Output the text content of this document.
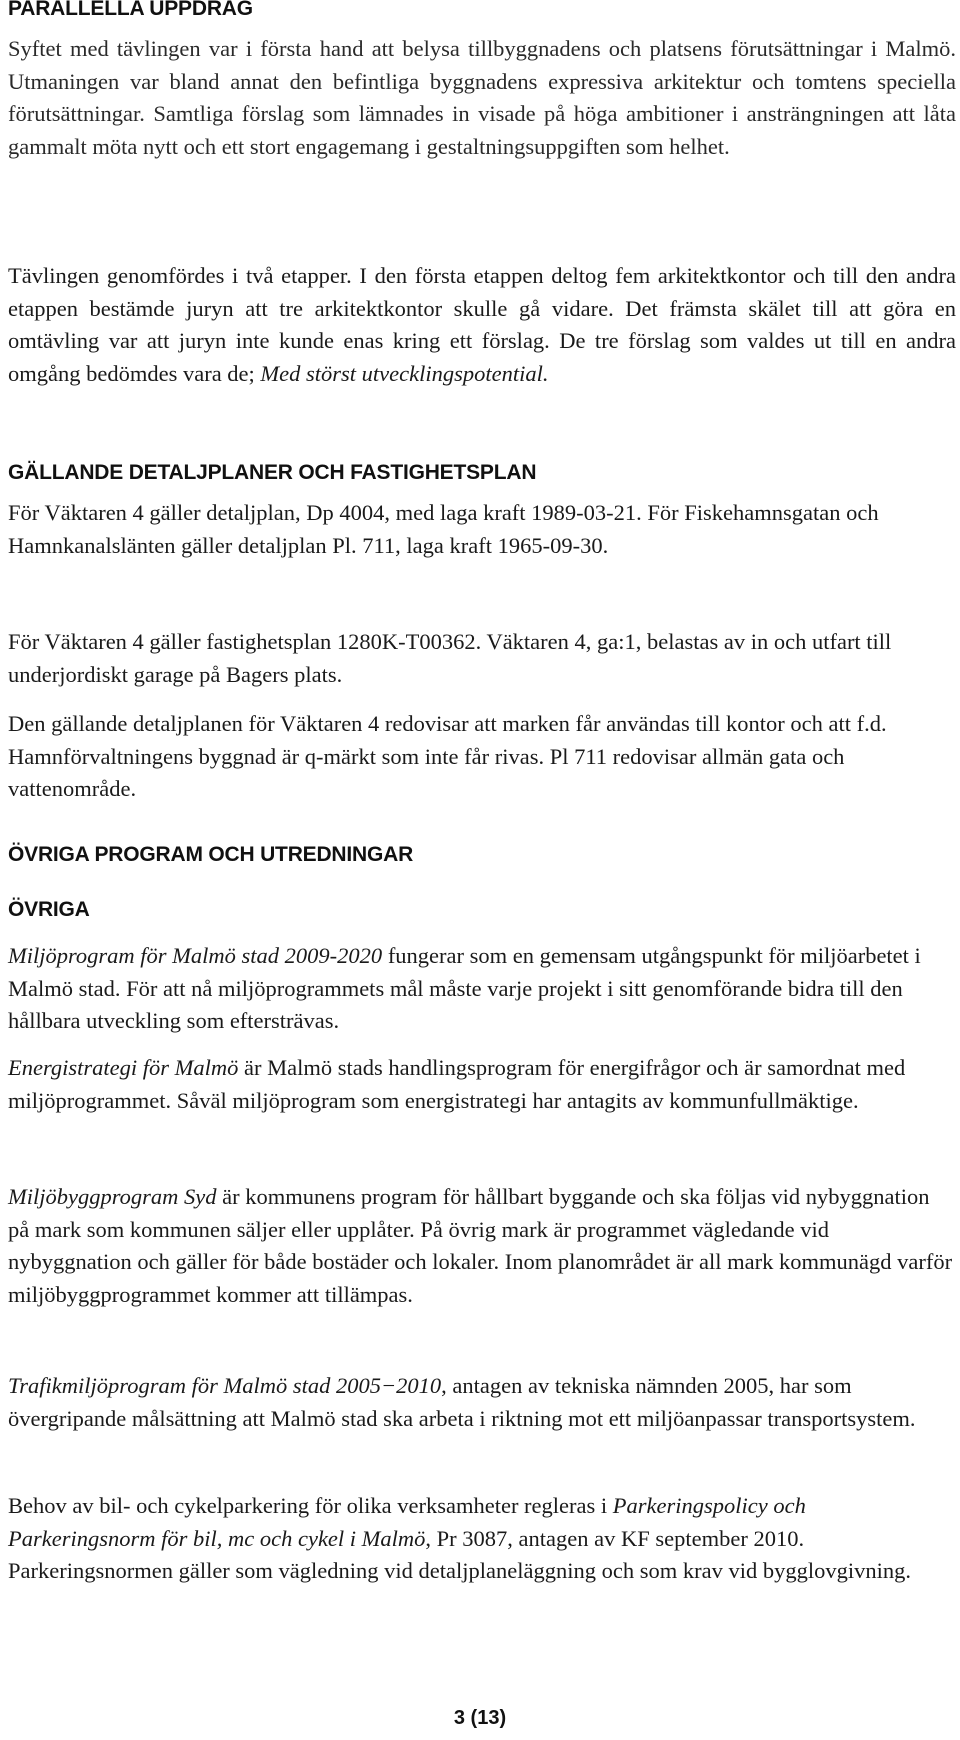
PARALLELLA UPPDRAG

Syftet med tävlingen var i första hand att belysa tillbyggnadens och platsens förutsättningar i Malmö. Utmaningen var bland annat den befintliga byggnadens expressiva arkitektur och tomtens speciella förutsättningar. Samtliga förslag som lämnades in visade på höga ambitioner i ansträngningen att låta gammalt möta nytt och ett stort engagemang i gestaltningsuppgiften som helhet.

Tävlingen genomfördes i två etapper. I den första etappen deltog fem arkitektkontor och till den andra etappen bestämde juryn att tre arkitektkontor skulle gå vidare. Det främsta skälet till att göra en omtävling var att juryn inte kunde enas kring ett förslag. De tre förslag som valdes ut till en andra omgång bedömdes vara de; Med störst utvecklingspotential.

GÄLLANDE DETALJPLANER OCH FASTIGHETSPLAN

För Väktaren 4 gäller detaljplan, Dp 4004, med laga kraft 1989-03-21. För Fiskehamnsgatan och Hamnkanalslänten gäller detaljplan Pl. 711, laga kraft 1965-09-30.

För Väktaren 4 gäller fastighetsplan 1280K-T00362. Väktaren 4, ga:1, belastas av in och utfart till underjordiskt garage på Bagers plats.

Den gällande detaljplanen för Väktaren 4 redovisar att marken får användas till kontor och att f.d. Hamnförvaltningens byggnad är q-märkt som inte får rivas. Pl 711 redovisar allmän gata och vattenområde.

ÖVRIGA PROGRAM OCH UTREDNINGAR
ÖVRIGA

Miljöprogram för Malmö stad 2009-2020 fungerar som en gemensam utgångspunkt för miljöarbetet i Malmö stad. För att nå miljöprogrammets mål måste varje projekt i sitt genomförande bidra till den hållbara utveckling som eftersträvas.

Energistrategi för Malmö är Malmö stads handlingsprogram för energifrågor och är samordnat med miljöprogrammet. Såväl miljöprogram som energistrategi har antagits av kommunfullmäktige.

Miljöbyggprogram Syd är kommunens program för hållbart byggande och ska följas vid nybyggnation på mark som kommunen säljer eller upplåter. På övrig mark är programmet vägledande vid nybyggnation och gäller för både bostäder och lokaler. Inom planområdet är all mark kommunägd varför miljöbyggprogrammet kommer att tillämpas.

Trafikmiljöprogram för Malmö stad 2005−2010, antagen av tekniska nämnden 2005, har som övergripande målsättning att Malmö stad ska arbeta i riktning mot ett miljöanpassar transportsystem.

Behov av bil- och cykelparkering för olika verksamheter regleras i Parkeringspolicy och Parkeringsnorm för bil, mc och cykel i Malmö, Pr 3087, antagen av KF september 2010. Parkeringsnormen gäller som vägledning vid detaljplaneläggning och som krav vid bygglovgivning.

3 (13)
